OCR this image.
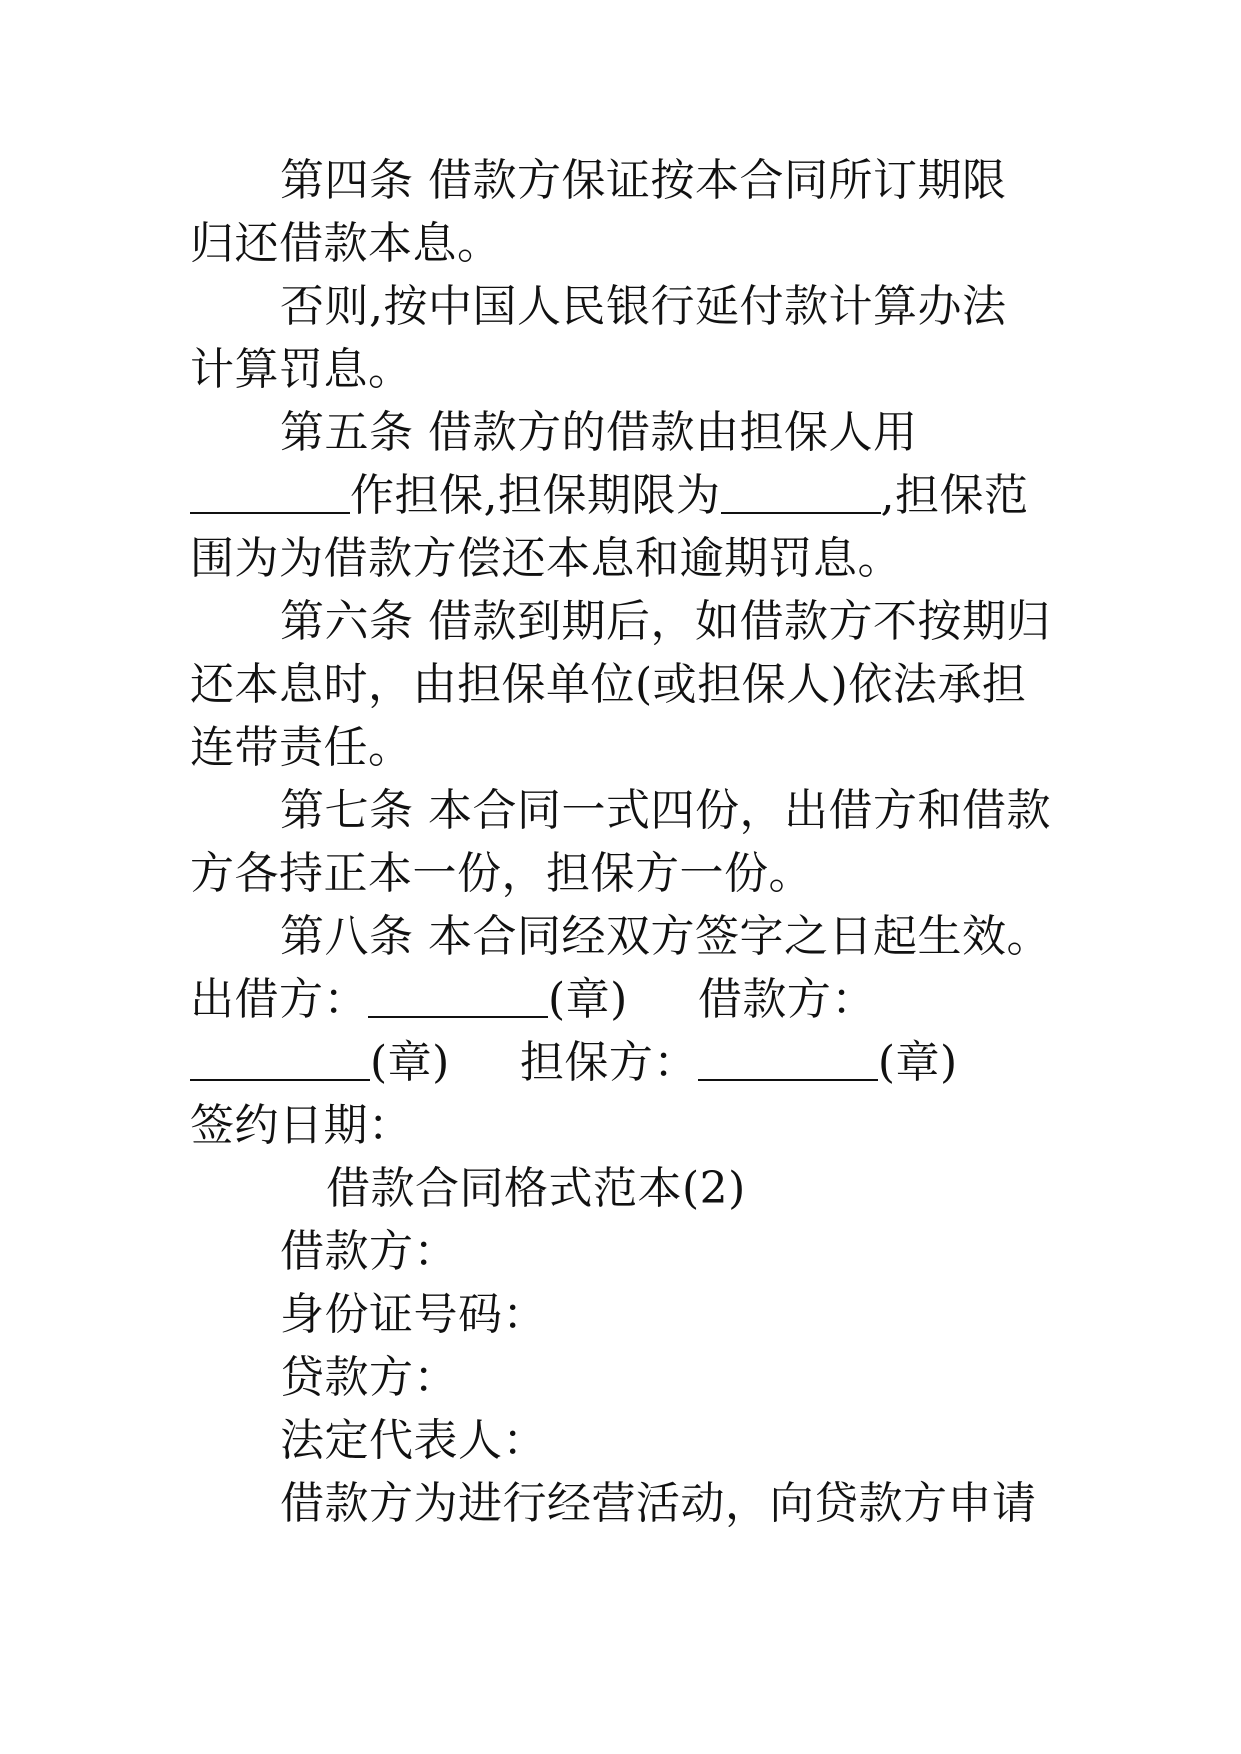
第四条 借款方保证按本合同所订期限
归还借款本息。
否则,按中国人民银行延付款计算办法
计算罚息。
第五条 借款方的借款由担保人用
作担保,担保期限为	,担保范
围为为借款方偿还本息和逾期罚息。
第六条 借款到期后，如借款方不按期归
还本息时，由担保单位(或担保人)依法承担
连带责任。
第七条 本合同一式四份，出借方和借款
方各持正本一份，担保方一份。
第八条 本合同经双方签字之日起生效。
出借方：	(章) 借款方：
(章) 担保方：	(章)
签约日期：
借款合同格式范本(2)
借款方：
身份证号码：
贷款方：
法定代表人：
借款方为进行经营活动，向贷款方申请
